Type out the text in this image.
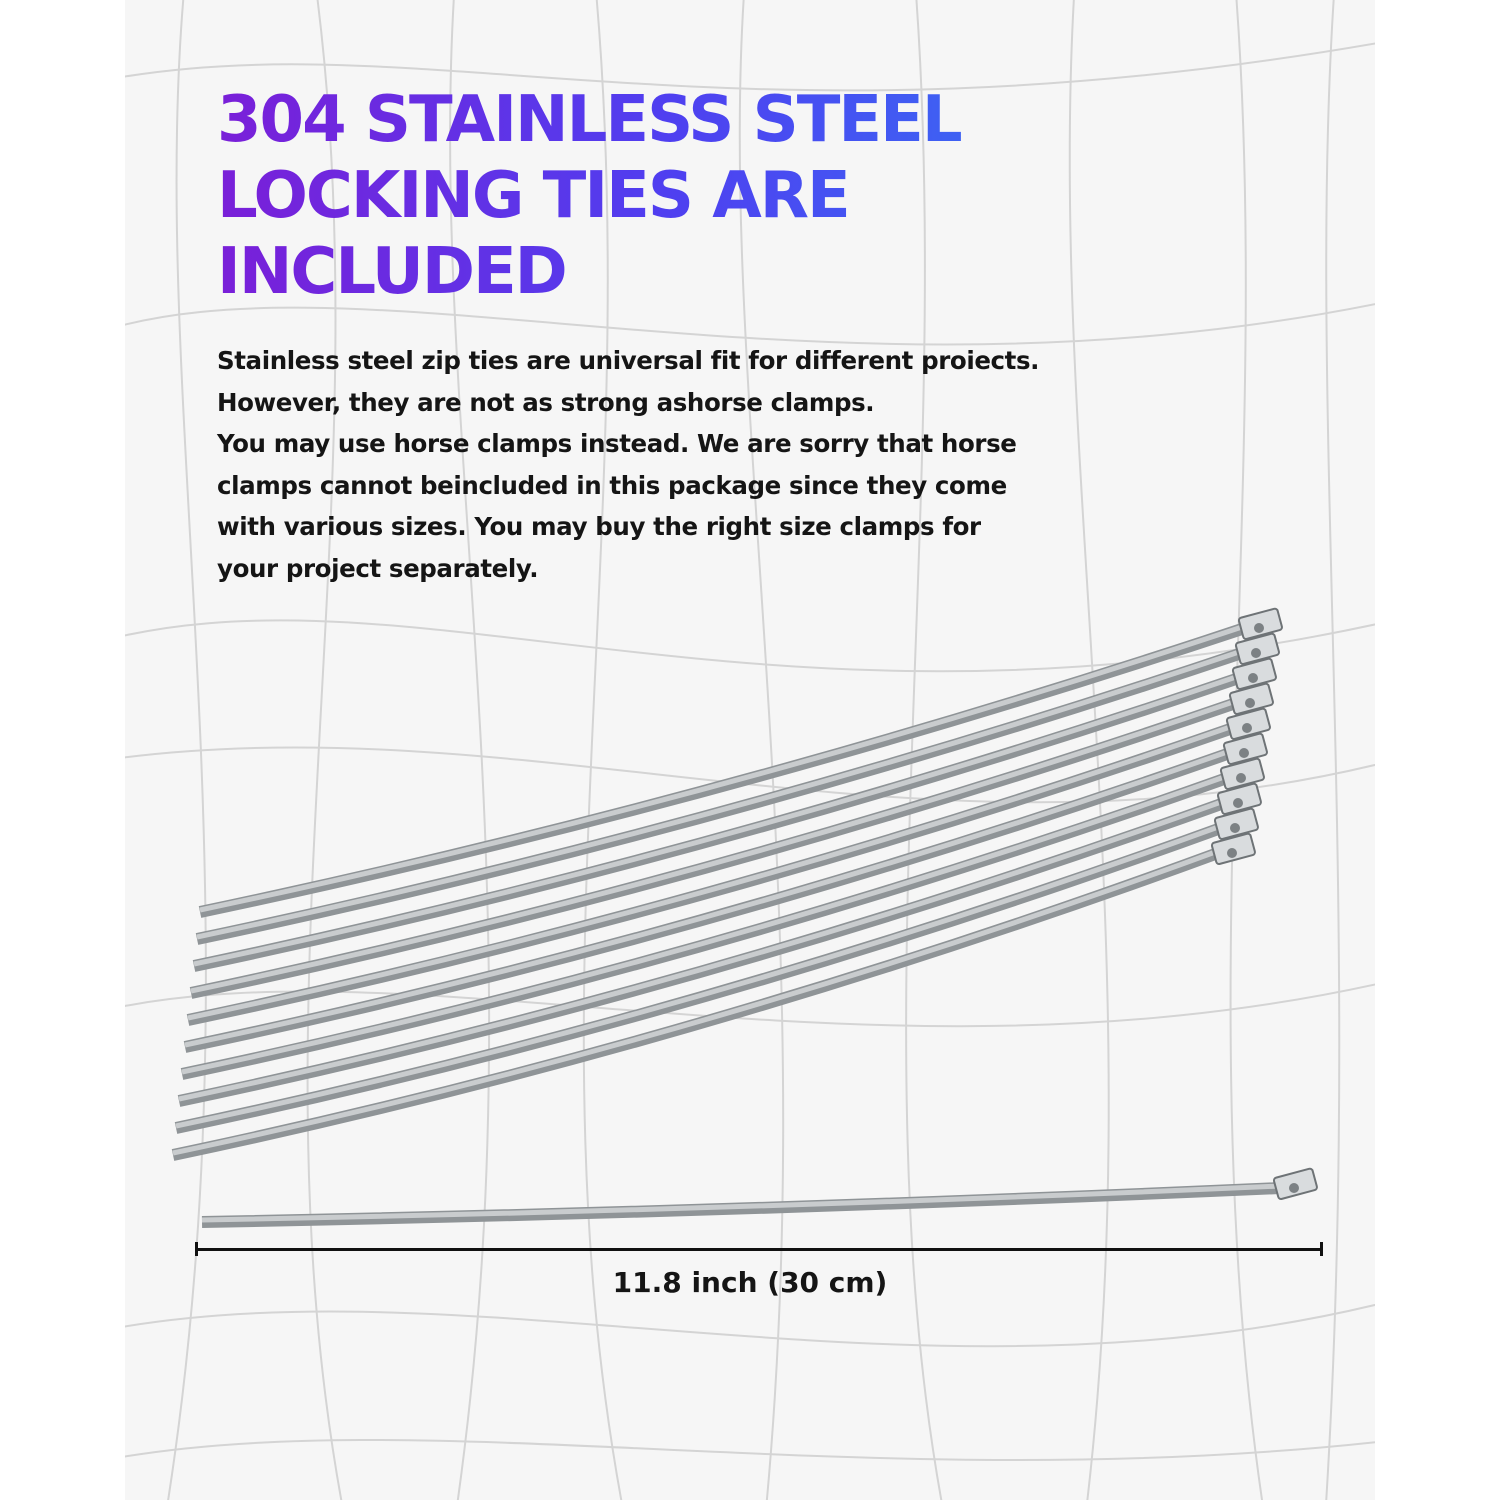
304 STAINLESS STEEL
LOCKING TIES ARE
INCLUDED
Stainless steel zip ties are universal fit for different proiects.
However, they are not as strong ashorse clamps.
You may use horse clamps instead. We are sorry that horse
clamps cannot beincluded in this package since they come
with various sizes. You may buy the right size clamps for
your project separately.
11.8 inch (30 cm)
